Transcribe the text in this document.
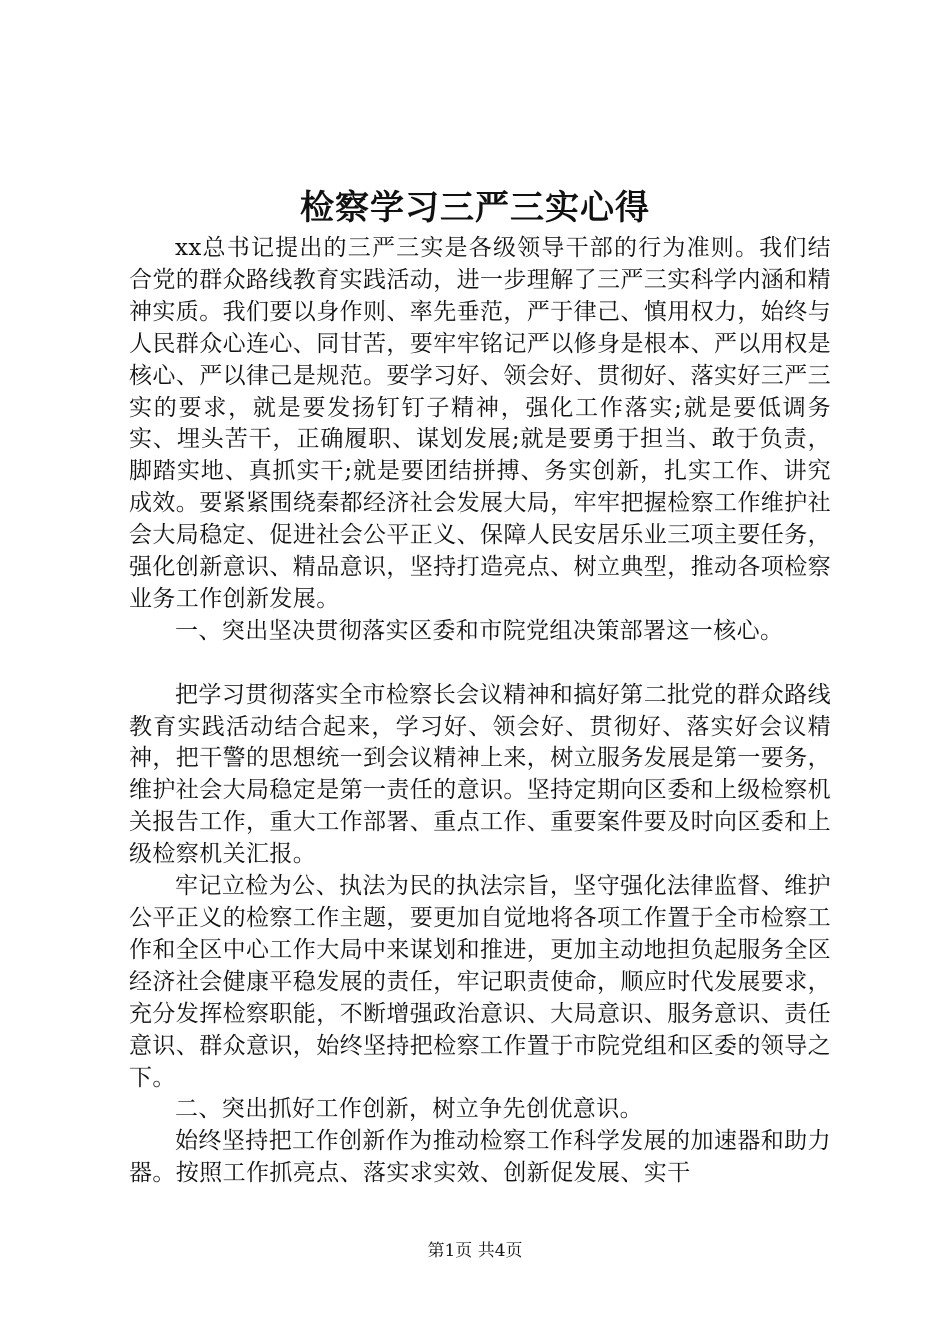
检察学习三严三实心得

xx总书记提出的三严三实是各级领导干部的行为准则。我们结合党的群众路线教育实践活动，进一步理解了三严三实科学内涵和精神实质。我们要以身作则、率先垂范，严于律己、慎用权力，始终与人民群众心连心、同甘苦，要牢牢铭记严以修身是根本、严以用权是核心、严以律己是规范。要学习好、领会好、贯彻好、落实好三严三实的要求，就是要发扬钉钉子精神，强化工作落实;就是要低调务实、埋头苦干，正确履职、谋划发展;就是要勇于担当、敢于负责，脚踏实地、真抓实干;就是要团结拼搏、务实创新，扎实工作、讲究成效。要紧紧围绕秦都经济社会发展大局，牢牢把握检察工作维护社会大局稳定、促进社会公平正义、保障人民安居乐业三项主要任务，强化创新意识、精品意识，坚持打造亮点、树立典型，推动各项检察业务工作创新发展。

一、突出坚决贯彻落实区委和市院党组决策部署这一核心。

把学习贯彻落实全市检察长会议精神和搞好第二批党的群众路线教育实践活动结合起来，学习好、领会好、贯彻好、落实好会议精神，把干警的思想统一到会议精神上来，树立服务发展是第一要务，维护社会大局稳定是第一责任的意识。坚持定期向区委和上级检察机关报告工作，重大工作部署、重点工作、重要案件要及时向区委和上级检察机关汇报。

牢记立检为公、执法为民的执法宗旨，坚守强化法律监督、维护公平正义的检察工作主题，要更加自觉地将各项工作置于全市检察工作和全区中心工作大局中来谋划和推进，更加主动地担负起服务全区经济社会健康平稳发展的责任，牢记职责使命，顺应时代发展要求，充分发挥检察职能，不断增强政治意识、大局意识、服务意识、责任意识、群众意识，始终坚持把检察工作置于市院党组和区委的领导之下。

二、突出抓好工作创新，树立争先创优意识。

始终坚持把工作创新作为推动检察工作科学发展的加速器和助力器。按照工作抓亮点、落实求实效、创新促发展、实干

第1页 共4页
